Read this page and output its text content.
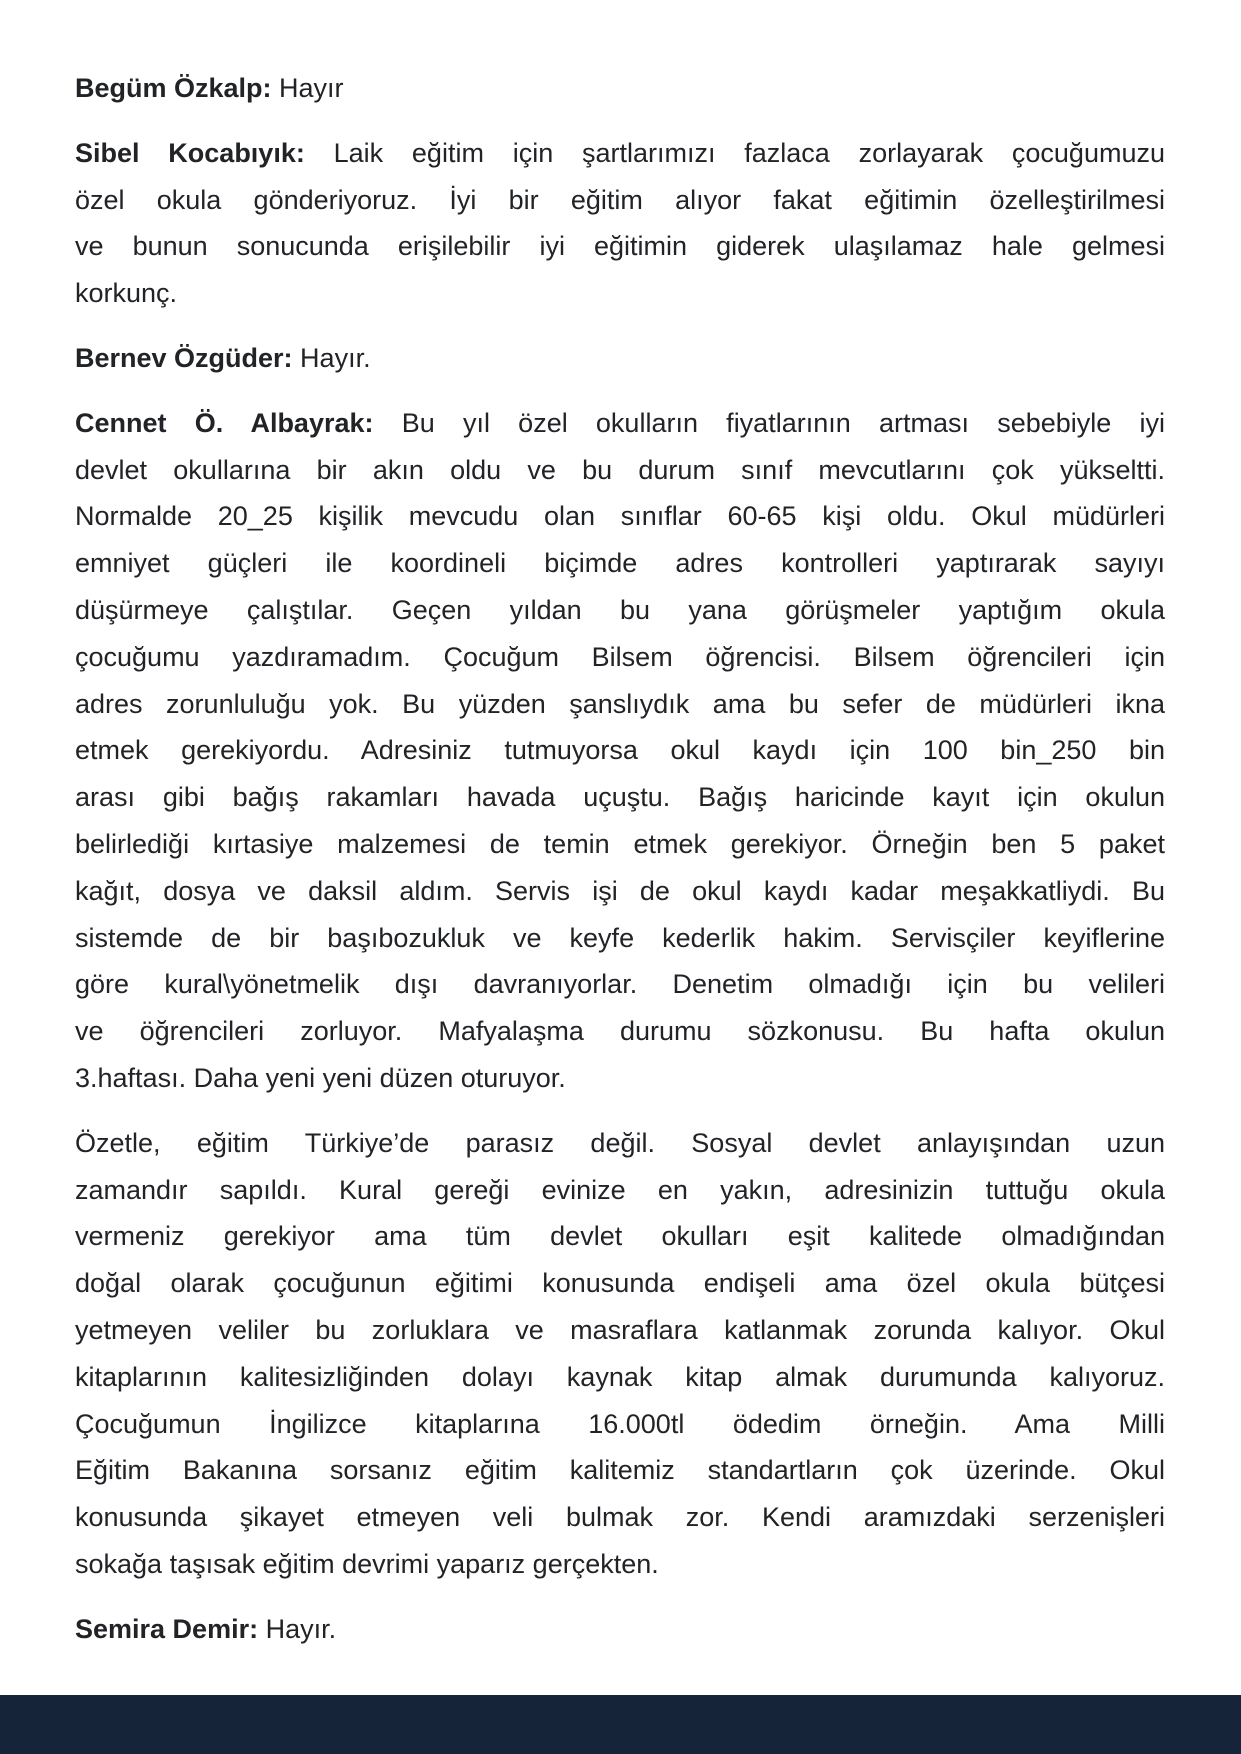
Begüm Özkalp: Hayır
Sibel Kocabıyık: Laik eğitim için şartlarımızı fazlaca zorlayarak çocuğumuzu
özel okula gönderiyoruz. İyi bir eğitim alıyor fakat eğitimin özelleştirilmesi
ve bunun sonucunda erişilebilir iyi eğitimin giderek ulaşılamaz hale gelmesi
korkunç.
Bernev Özgüder: Hayır.
Cennet Ö. Albayrak: Bu yıl özel okulların fiyatlarının artması sebebiyle iyi
devlet okullarına bir akın oldu ve bu durum sınıf mevcutlarını çok yükseltti.
Normalde 20_25 kişilik mevcudu olan sınıflar 60-65 kişi oldu. Okul müdürleri
emniyet güçleri ile koordineli biçimde adres kontrolleri yaptırarak sayıyı
düşürmeye çalıştılar. Geçen yıldan bu yana görüşmeler yaptığım okula
çocuğumu yazdıramadım. Çocuğum Bilsem öğrencisi. Bilsem öğrencileri için
adres zorunluluğu yok. Bu yüzden şanslıydık ama bu sefer de müdürleri ikna
etmek gerekiyordu. Adresiniz tutmuyorsa okul kaydı için 100 bin_250 bin
arası gibi bağış rakamları havada uçuştu. Bağış haricinde kayıt için okulun
belirlediği kırtasiye malzemesi de temin etmek gerekiyor. Örneğin ben 5 paket
kağıt, dosya ve daksil aldım. Servis işi de okul kaydı kadar meşakkatliydi. Bu
sistemde de bir başıbozukluk ve keyfe kederlik hakim. Servisçiler keyiflerine
göre kural\yönetmelik dışı davranıyorlar. Denetim olmadığı için bu velileri
ve öğrencileri zorluyor. Mafyalaşma durumu sözkonusu. Bu hafta okulun
3.haftası. Daha yeni yeni düzen oturuyor.
Özetle, eğitim Türkiye’de parasız değil. Sosyal devlet anlayışından uzun
zamandır sapıldı. Kural gereği evinize en yakın, adresinizin tuttuğu okula
vermeniz gerekiyor ama tüm devlet okulları eşit kalitede olmadığından
doğal olarak çocuğunun eğitimi konusunda endişeli ama özel okula bütçesi
yetmeyen veliler bu zorluklara ve masraflara katlanmak zorunda kalıyor. Okul
kitaplarının kalitesizliğinden dolayı kaynak kitap almak durumunda kalıyoruz.
Çocuğumun İngilizce kitaplarına 16.000tl ödedim örneğin. Ama Milli
Eğitim Bakanına sorsanız eğitim kalitemiz standartların çok üzerinde. Okul
konusunda şikayet etmeyen veli bulmak zor. Kendi aramızdaki serzenişleri
sokağa taşısak eğitim devrimi yaparız gerçekten.
Semira Demir: Hayır.
